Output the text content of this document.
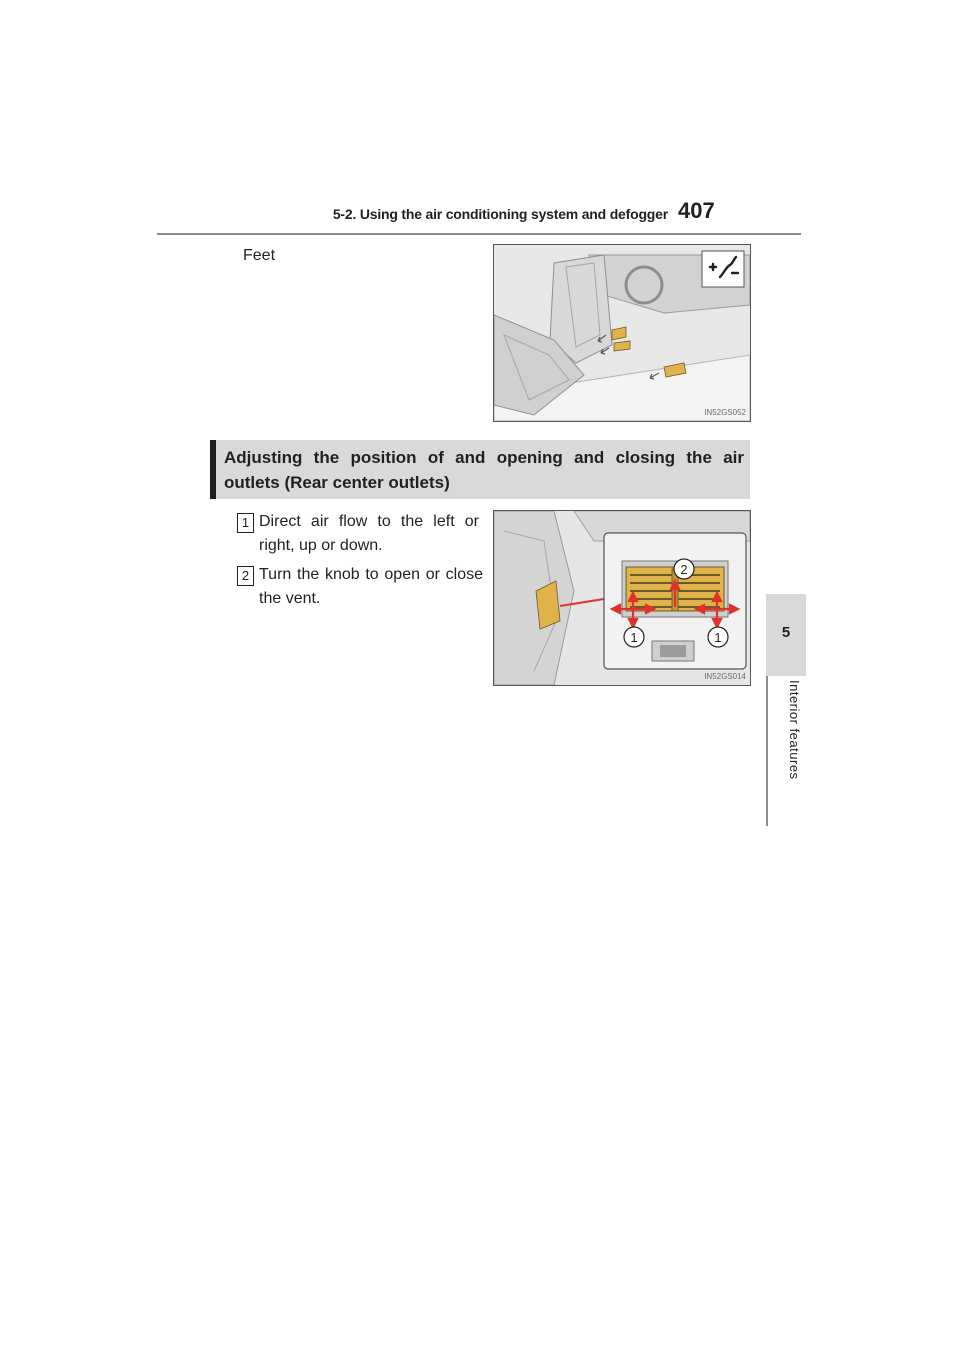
5-2. Using the air conditioning system and defogger 407
5
Interior features
Feet
IN52GS052
Adjusting the position of and opening and closing the air outlets (Rear center outlets)
1 Direct air flow to the left or right, up or down.
2 Turn the knob to open or close the vent.
2
1	1
IN52GS014
